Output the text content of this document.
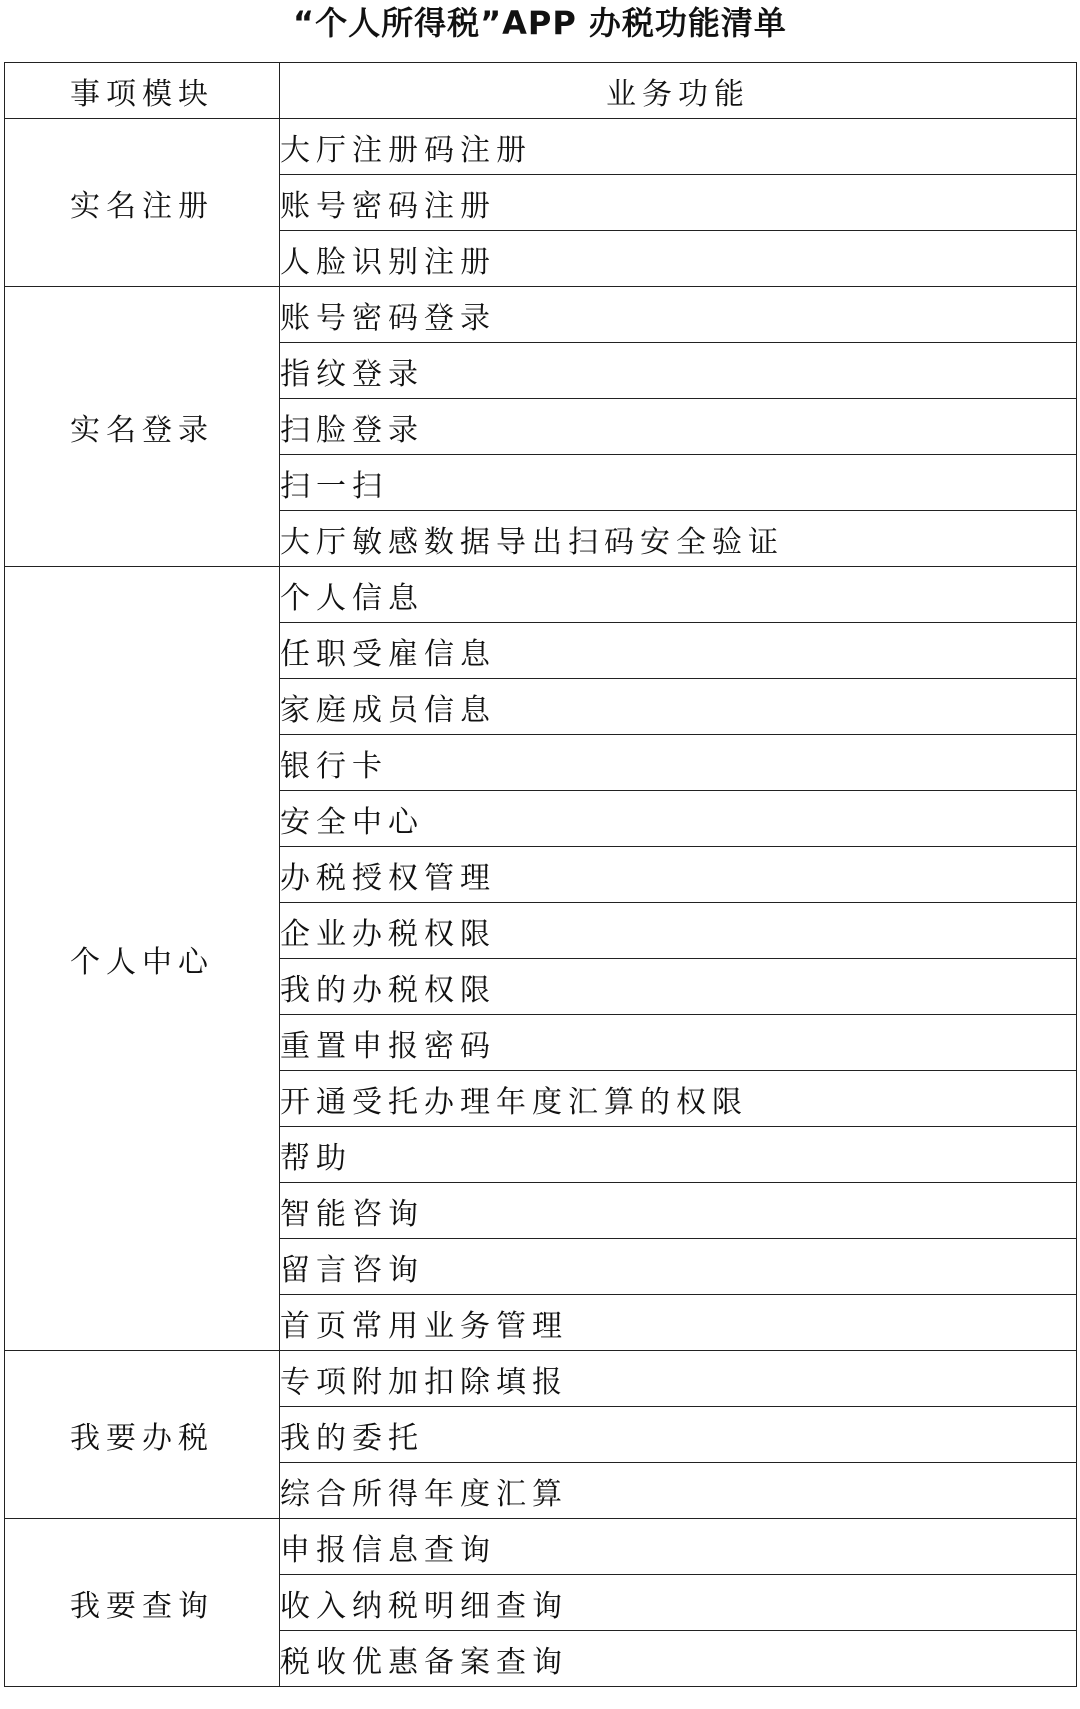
“个人所得税”APP 办税功能清单
事项模块	业务功能
实名注册	大厅注册码注册
	账号密码注册
	人脸识别注册
实名登录	账号密码登录
	指纹登录
	扫脸登录
	扫一扫
	大厅敏感数据导出扫码安全验证
个人中心	个人信息
	任职受雇信息
	家庭成员信息
	银行卡
	安全中心
	办税授权管理
	企业办税权限
	我的办税权限
	重置申报密码
	开通受托办理年度汇算的权限
	帮助
	智能咨询
	留言咨询
	首页常用业务管理
我要办税	专项附加扣除填报
	我的委托
	综合所得年度汇算
我要查询	申报信息查询
	收入纳税明细查询
	税收优惠备案查询
